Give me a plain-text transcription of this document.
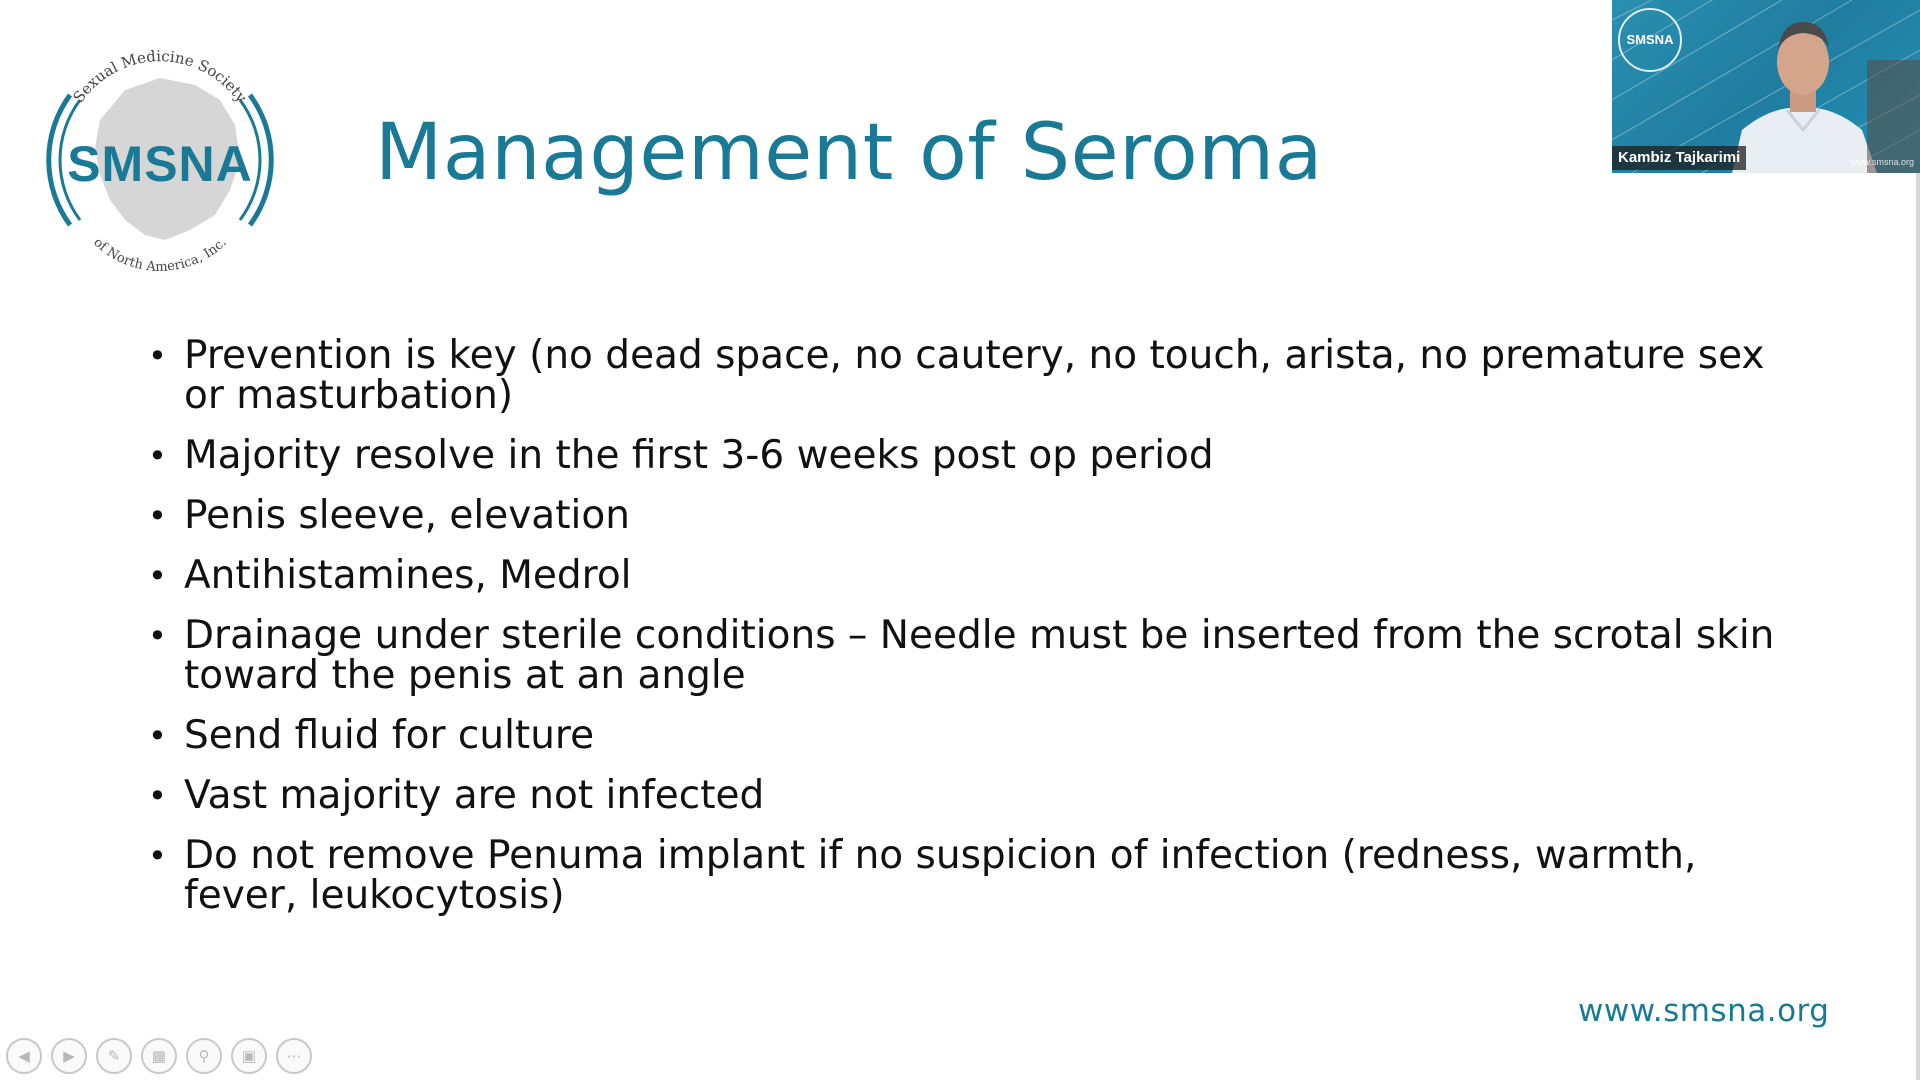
Sexual Medicine Society
of North America, Inc.
SMSNA	Management of Seroma
• Prevention is key (no dead space, no cautery, no touch, arista, no premature sex or masturbation)
• Majority resolve in the first 3-6 weeks post op period
• Penis sleeve, elevation
• Antihistamines, Medrol
• Drainage under sterile conditions – Needle must be inserted from the scrotal skin toward the penis at an angle
• Send fluid for culture
• Vast majority are not infected
• Do not remove Penuma implant if no suspicion of infection (redness, warmth, fever, leukocytosis)
www.smsna.org
SMSNA
Kambiz Tajkarimi	www.smsna.org
◀	▶	✎	▦	⚲	▣	⋯
